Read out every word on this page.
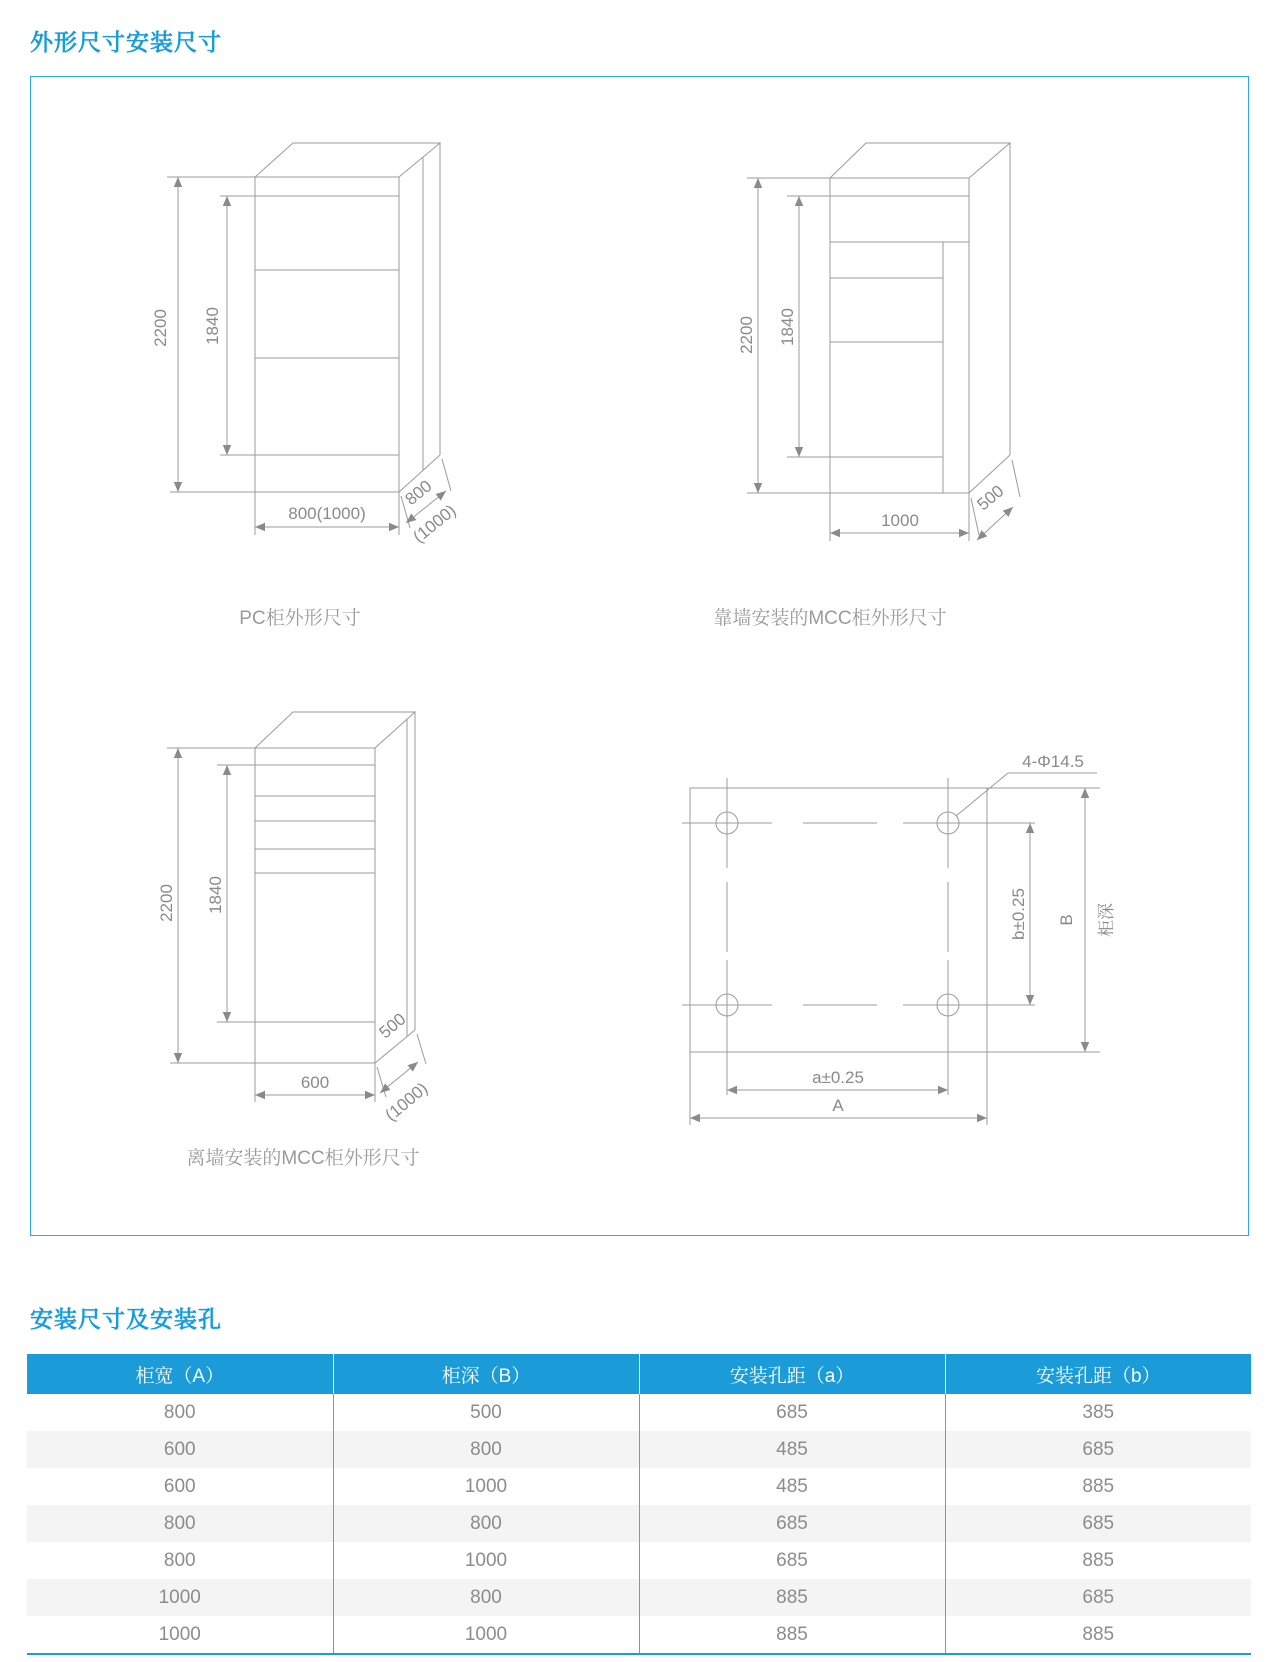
外形尺寸安装尺寸
2200 1840
800(1000)
800
(1000)
2200 1840
1000
500
2200 1840
600
500
(1000)
4-Φ14.5
b±0.25 B 柜深
a±0.25
A
PC柜外形尺寸	靠墙安装的MCC柜外形尺寸
离墙安装的MCC柜外形尺寸
安装尺寸及安装孔
柜宽（A）	柜深（B）	安装孔距（a）	安装孔距（b）
800	500	685	385
600	800	485	685
600	1000	485	885
800	800	685	685
800	1000	685	885
1000	800	885	685
1000	1000	885	885
